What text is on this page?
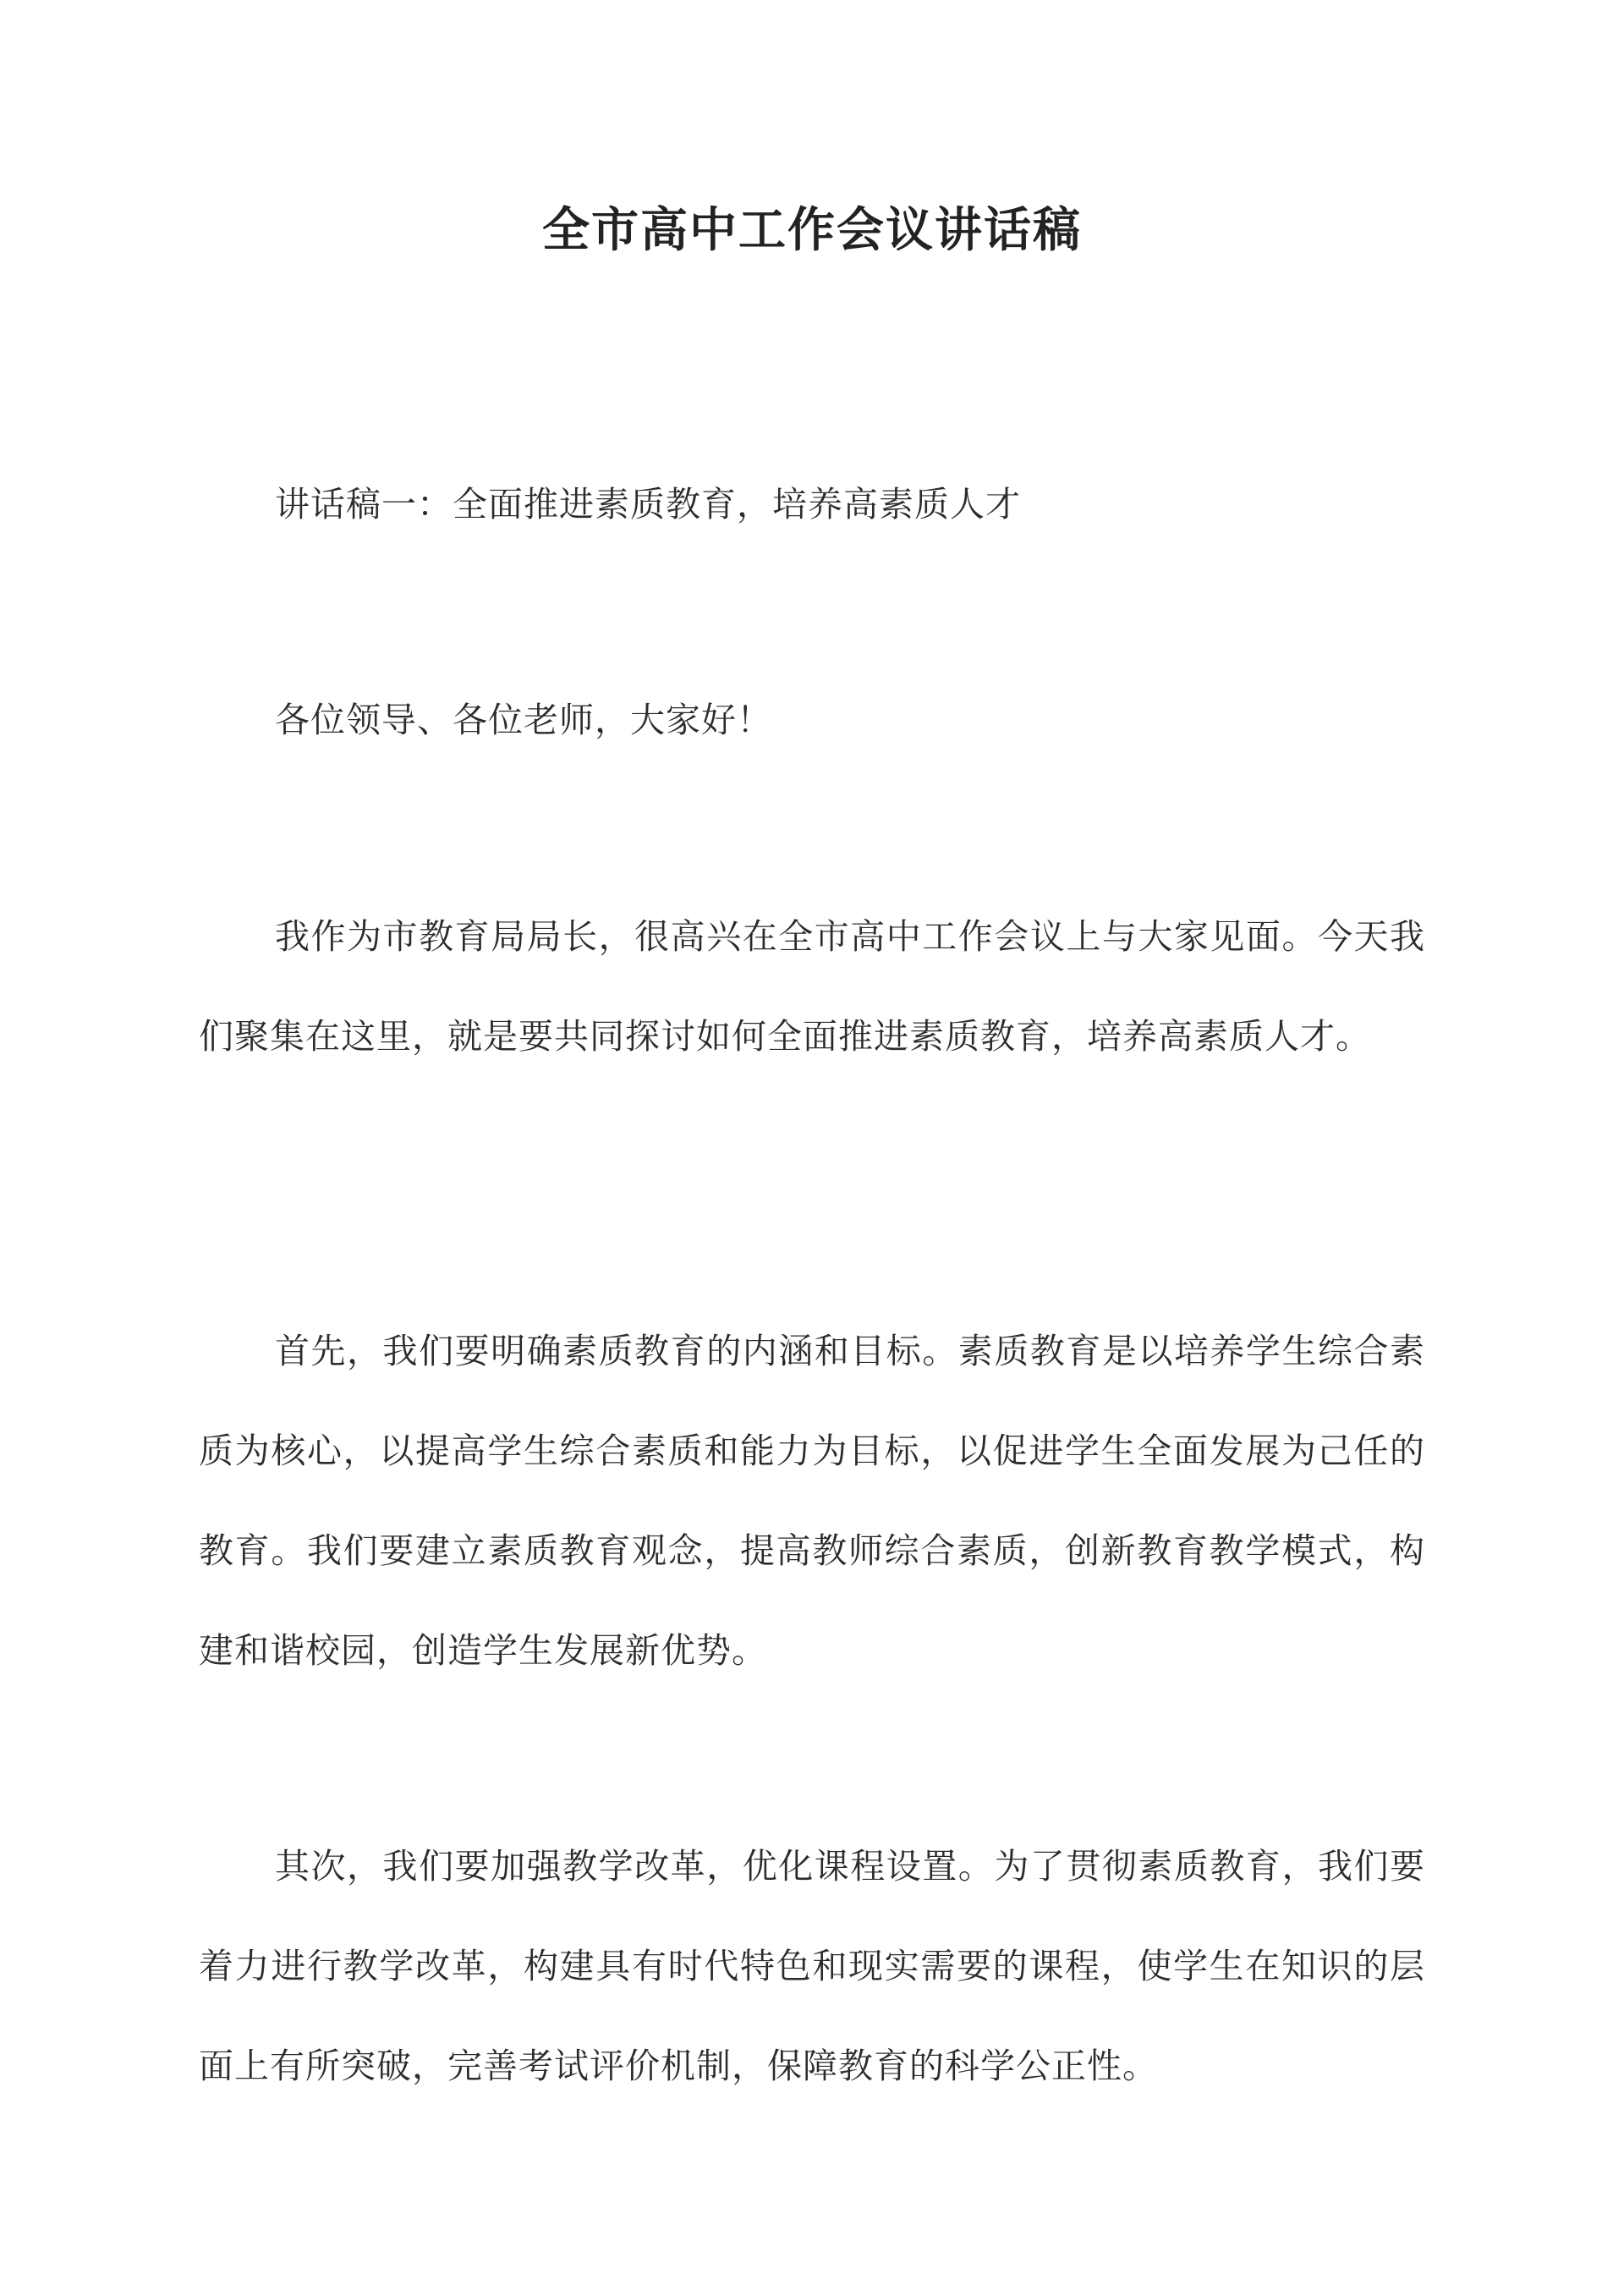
全市高中工作会议讲话稿

讲话稿一：全面推进素质教育，培养高素质人才

各位领导、各位老师，大家好！

我作为市教育局局长，很高兴在全市高中工作会议上与大家见面。今天我们聚集在这里，就是要共同探讨如何全面推进素质教育，培养高素质人才。

首先，我们要明确素质教育的内涵和目标。素质教育是以培养学生综合素质为核心，以提高学生综合素质和能力为目标，以促进学生全面发展为己任的教育。我们要建立素质教育观念，提高教师综合素质，创新教育教学模式，构建和谐校园，创造学生发展新优势。

其次，我们要加强教学改革，优化课程设置。为了贯彻素质教育，我们要着力进行教学改革，构建具有时代特色和现实需要的课程，使学生在知识的层面上有所突破，完善考试评价机制，保障教育的科学公正性。
